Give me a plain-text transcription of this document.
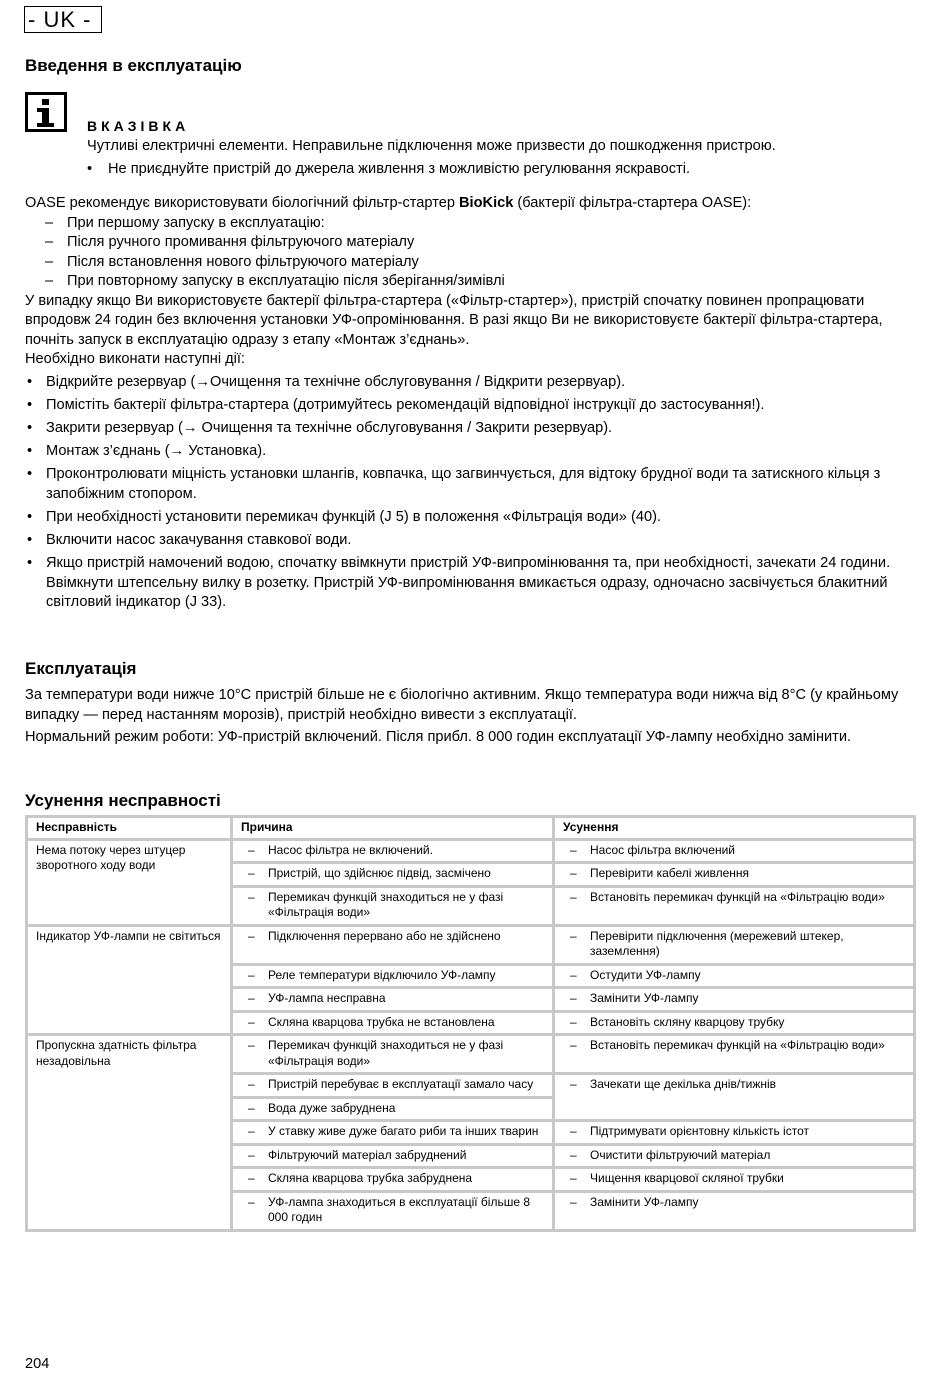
- UK -
Введення в експлуатацію
ВКАЗІВКА
Чутливі електричні елементи. Неправильне підключення може призвести до пошкодження пристрою.
• Не приєднуйте пристрій до джерела живлення з можливістю регулювання яскравості.

OASE рекомендує використовувати біологічний фільтр-стартер BioKick (бактерії фільтра-стартера OASE):

– При першому запуску в експлуатацію:
– Після ручного промивання фільтруючого матеріалу
– Після встановлення нового фільтруючого матеріалу
– При повторному запуску в експлуатацію після зберігання/зимівлі

У випадку якщо Ви використовуєте бактерії фільтра-стартера («Фільтр-стартер»), пристрій спочатку повинен пропрацювати впродовж 24 годин без включення установки УФ-опромінювання. В разі якщо Ви не використовуєте бактерії фільтра-стартера, почніть запуск в експлуатацію одразу з етапу «Монтаж з’єднань».

Необхідно виконати наступні дії:

• Відкрийте резервуар (→Очищення та технічне обслуговування / Відкрити резервуар).
• Помістіть бактерії фільтра-стартера (дотримуйтесь рекомендацій відповідної інструкції до застосування!).
• Закрити резервуар (→ Очищення та технічне обслуговування / Закрити резервуар).
• Монтаж з’єднань (→ Установка).
• Проконтролювати міцність установки шлангів, ковпачка, що загвинчується, для відтоку брудної води та затискного кільця з запобіжним стопором.
• При необхідності установити перемикач функцій (J 5) в положення «Фільтрація води» (40).
• Включити насос закачування ставкової води.
• Якщо пристрій намочений водою, спочатку ввімкнути пристрій УФ-випромінювання та, при необхідності, зачекати 24 години.
Ввімкнути штепсельну вилку в розетку. Пристрій УФ-випромінювання вмикається одразу, одночасно засвічується блакитний світловий індикатор (J 33).
Експлуатація

За температури води нижче 10°C пристрій більше не є біологічно активним. Якщо температура води нижча від 8°C (у крайньому випадку — перед настанням морозів), пристрій необхідно вивести з експлуатації.

Нормальний режим роботи: УФ-пристрій включений. Після прибл. 8 000 годин експлуатації УФ-лампу необхідно замінити.

Усунення несправності
Несправність	Причина	Усунення
Нема потоку через штуцер зворотного ходу води	– Насос фільтра не включений.	– Насос фільтра включений

	– Пристрій, що здійснює підвід, засмічено	– Перевірити кабелі живлення

	– Перемикач функцій знаходиться не у фазі «Фільтрація води»	– Встановіть перемикач функцій на «Фільтрацію води»

Індикатор УФ-лампи не світиться	– Підключення перервано або не здійснено	– Перевірити підключення (мережевий штекер, заземлення)

	– Реле температури відключило УФ-лампу	– Остудити УФ-лампу

	– УФ-лампа несправна	– Замінити УФ-лампу

	– Скляна кварцова трубка не встановлена	– Встановіть скляну кварцову трубку

Пропускна здатність фільтра незадовільна	– Перемикач функцій знаходиться не у фазі «Фільтрація води»	– Встановіть перемикач функцій на «Фільтрацію води»

	– Пристрій перебуває в експлуатації замало часу	– Зачекати ще декілька днів/тижнів

	– Вода дуже забруднена

	– У ставку живе дуже багато риби та інших тварин	– Підтримувати орієнтовну кількість істот

	– Фільтруючий матеріал забруднений	– Очистити фільтруючий матеріал

	– Скляна кварцова трубка забруднена	– Чищення кварцової скляної трубки

	– УФ-лампа знаходиться в експлуатації більше 8 000 годин	– Замінити УФ-лампу
204
